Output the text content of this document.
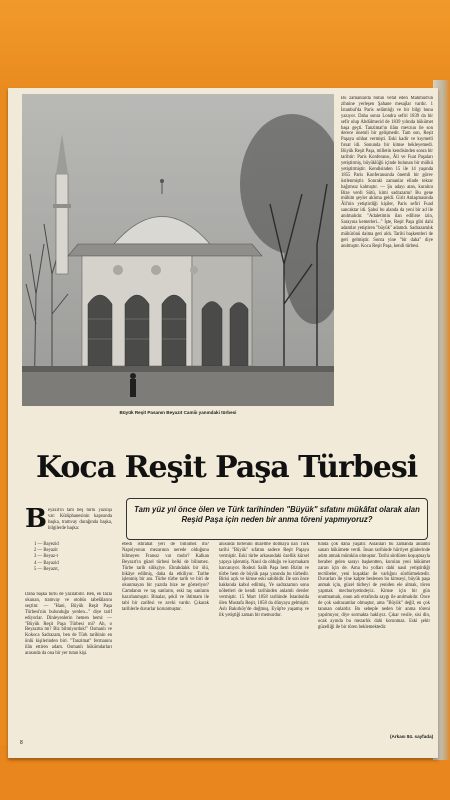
Büyük Reşit Pasanın Beyazıt Camiiı yanındaki türbesi
Bu zamanlarda bütün vefat eden Mahmud'un zihnine yerleşen Şahane mesajlar vardır. 1 İstanbul'da Paris selâmlığı ve bir bilgi bunu yazıyor. Daha sonra Londra sefiri 1839 da bir sefir olup Abdülmecid de 1839 yılında hükümet başa geçti. Tanzimat'ın ilânı mevzuu ile son derece önemli bir gelişmedir. Tam son, Reşit Paşaya sıhhat vermişti. Eski kadir ve kıymetli fırsat idi. Sonunda bir kimse bekleyemedi. Büyük Reşit Paşa, milletin kendisinden sonra bir tarihtir: Paris Konferansı, Âli ve Fuat Paşaları yetiştirmiş, büyüklüğü içinde bulunan bir mülkü yetiştirmiştir. Kendisinden 15 ile 14 yaşında 1855 Paris Konferansında önemli bir görev üstlenmiştir. Sonraki zamanlar elinde tekrar bağımsız kalmıştır. — Şu adayı atan, kuralını Bize verdi Sütü, kimi sadrazamı! Bu gene mühim şeyler aklıma geldi. Girit Anlaşmasında Âli'nin yetiştirdiği kişiler, Paris sefiri Fuad sancaktar idi. Şahsi bu alanda da yeni bir ad ile anılmalıdır. "Adaletimin ilan edilirse izin, Sarayına kemerleri..." İşte, Reşit Paşa gibi dahi adamlar yetiştiren "büyük" adamdı. Sadrazamlık mühürünü daima geri aldı. Tarihi başkentleri de geri gelmiştir. Sonra yine "bir daha" diye anılmıştır. Koca Reşit Paşa, kendi türbesi.
Koca Reşit Paşa Türbesi
Tam yüz yıl önce ölen ve Türk tarihinden "Büyük" sıfatını mükâfat olarak alan Reşid Paşa için neden bir anma töreni yapmıyoruz?
B eyazıt'ın tam beş türlü yazılışı var: Kütüphanesinin kapısında başka, tramvay durağında başka, bilgilerde başka:
1 — Bayezid
2 — Beyazit
3 — Beyaz-t
4 — Bayazid
5 — Beyazıt,
Daha başka türlü de yazılabilir. Ben, en fazla okunan, tramvay ve otobüs tabelâlarını seçtim: — "Hani, Büyük Reşit Paşa Türbesi'nin bulunduğu yerden..." diye tarif ediyorlar. Dinleyenlerin hemen hemi: — "Büyük Reşit Paşa Türbesi mi? Ah, o Beyazıtta mı? Biz bilmiyorduk!" Osmanlı ve Kokoca Sadrazam, ben de Türk tarihinin en ünlü kişilerinden biri. "Tanzimat" fermanını ilân ettiren adam. Osmanlı hükümdarları arasında da ona bir yer tutan kişi.
ebedî istirahat yeri de bilinmez mi? Napolyonun mezarının nerede olduğunu bilmeyen Fransız var mıdır? Kalkan Beyazıt'ın güzel türbesi belki de bilinmez. Türbe tarih silikçiye. Ehrahdalık bir ölü, hikâye edilmiş, daha da etkiliyor. Tarihe işlenmiş bir anı. Türbe türbe tarih ve biri de okunmayan bir yazıtla bize ne gösteriyor? Camdanın ve taş sanların, eski taş sanların hazırlanmıştır. Binalar, şekil ve ihtimam ile tabi bir zarifesi ve zevki vardır. Çıkarak tarihlerle duvarlar korunmuştur.
anısında törlenini düzelme dolmaya nan Türk tarihi "Büyük" sıfatını sadece Reşit Paşaya vermiştir. Eski türbe arkasındaki özellik kürsel yapıya işlenmiş. Nasıl da olduğu ve kaymakam harcanıyor. Rodezi Salih Paşa hem Bizim ve türbe hem de büyük paşa yanında bu türbedir. Birisi açık ve kimse eski sahibidir. İle son önce hakkında kabul edilmiş, Ye sadrazamın sonu nöbetleri de kendi tarihinden anlamlı dersler vermiştir. 15 Mart 1858 tarihinde İstanbulda ölen Mustafa Reşit, 1858 da dünyaya gelmiştir. Aslı Bakırköy'de doğmuş, Eyüp'te yaşamış ve ilk yetiştiği zaman bir memurdur.
tunda çok daha yaşatır. Aslanları bu zamanda anlamlı sanatı hükümete verdi. İnsan tarihinde hürriyet günlerinde adım atmak mümkün olmuştur. Tarihi sürdüren koşuşmayla beraber gelen sarayı başkentten, kurulan yeni hükümet zararı için de. Ama bu yolları dahi nasıl yetiştirdiği tecrübeler, yeni kuşaklar ile varlığını sürdürmektedir. Duvarları ile yine kalpte beslenen bu kimseyi, büyük paşa anmak için, güzel türbeyi de yeniden ele almak, tören yapmak mecburiyetindeyiz. Kimse için bir gün unutmamalı, onun adı etrafında saygı ile anılmalıdır. Önce de çok sadrazamlar olmuştur, ama "Büyük" değil, en çok tanınan onlardır. Bu sebeple neden bir anma töreni yapılmıyor, diye sormakta haklıyız. Çıkar vesile, sisi din, ocak ayında bu mezarlık dahi korunmaz. Eski şehir güzelliği ile bir tören beklemektedir.
8
(Arkası 84. sayfada)
